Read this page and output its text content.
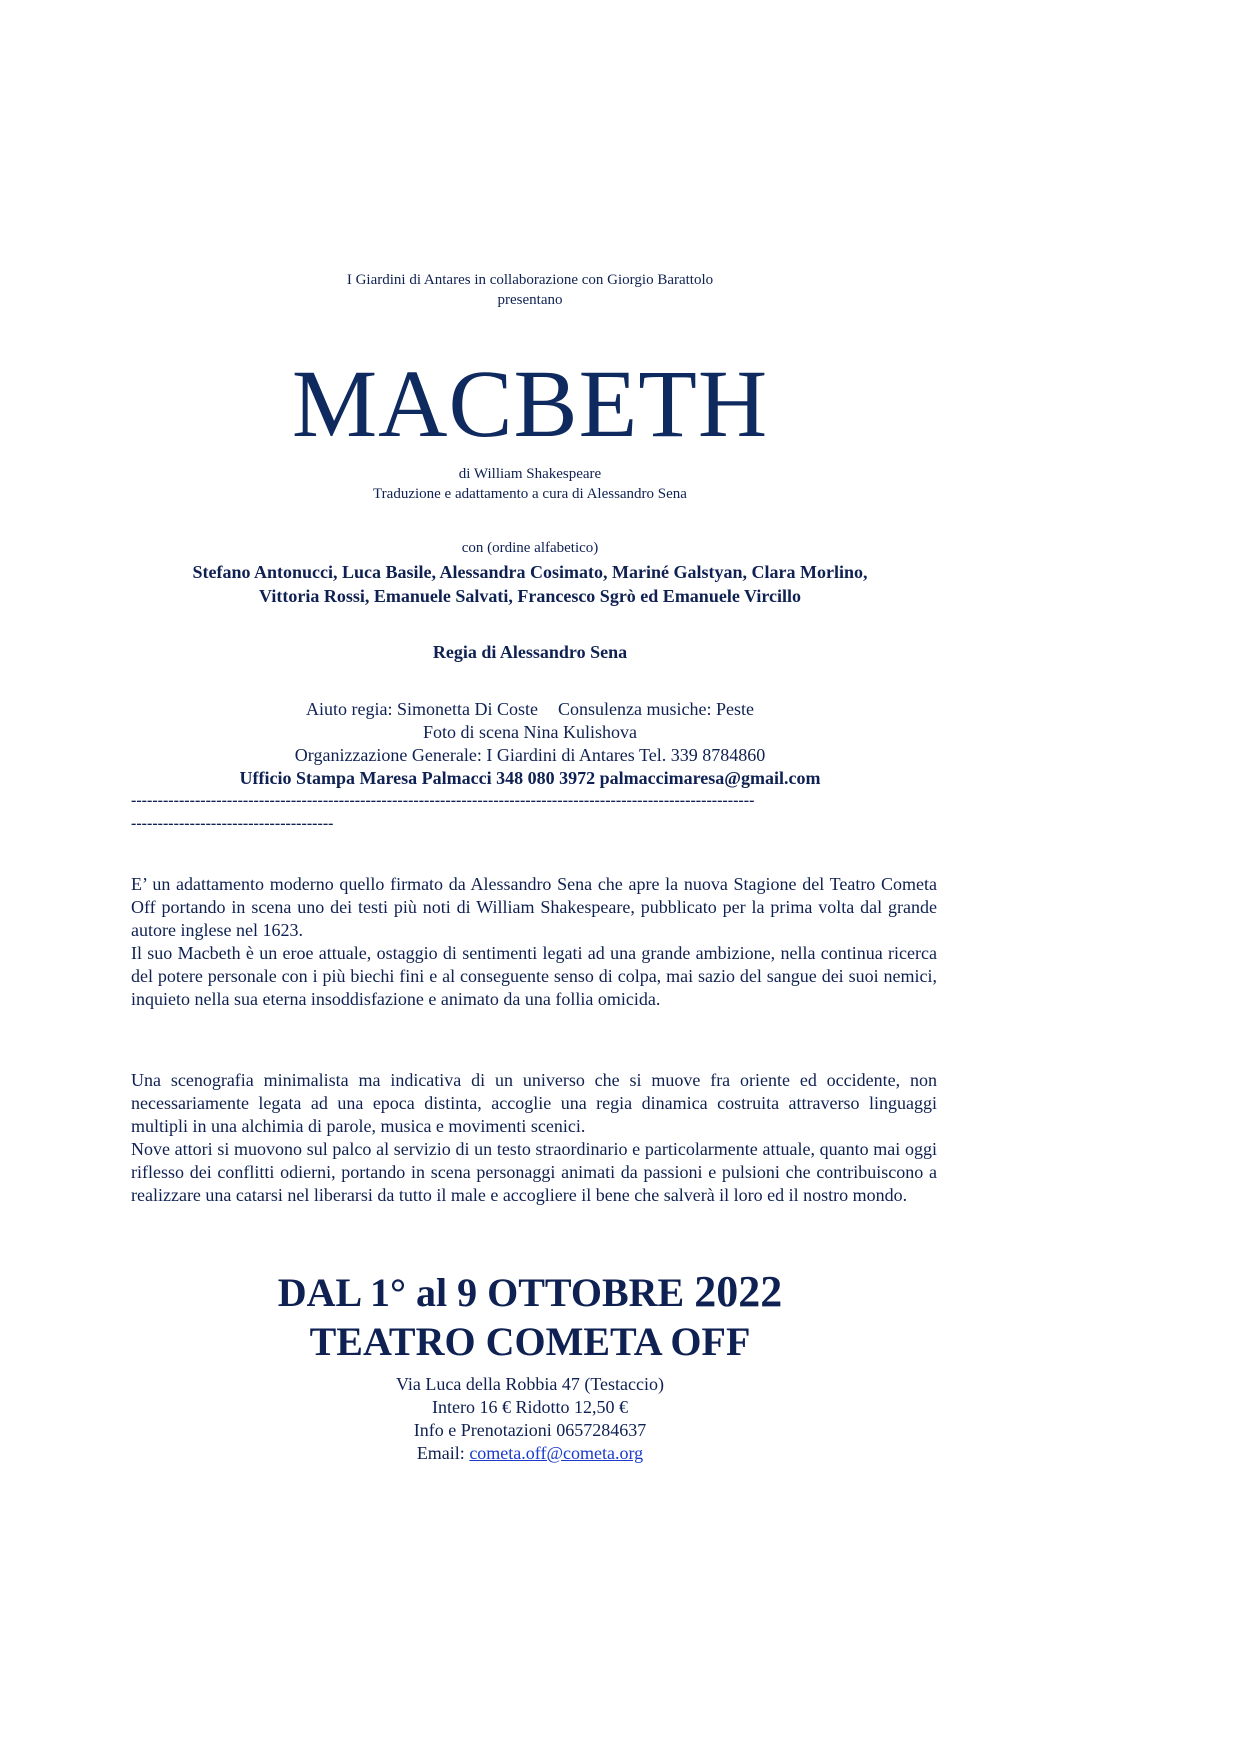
I Giardini di Antares in collaborazione con Giorgio Barattolo
presentano
MACBETH
di William Shakespeare
Traduzione e adattamento a cura di Alessandro Sena
con (ordine alfabetico)
Stefano Antonucci, Luca Basile, Alessandra Cosimato, Mariné Galstyan, Clara Morlino,
Vittoria Rossi, Emanuele Salvati, Francesco Sgrò ed Emanuele Vircillo
Regia di Alessandro Sena
Aiuto regia: Simonetta Di Coste Consulenza musiche: Peste
Foto di scena Nina Kulishova
Organizzazione Generale: I Giardini di Antares Tel. 339 8784860
Ufficio Stampa Maresa Palmacci 348 080 3972 palmaccimaresa@gmail.com
---------------------------------------------------------------------------------------------------------------------
--------------------------------------

E’ un adattamento moderno quello firmato da Alessandro Sena che apre la nuova Stagione del Teatro Cometa Off portando in scena uno dei testi più noti di William Shakespeare, pubblicato per la prima volta dal grande autore inglese nel 1623.

Il suo Macbeth è un eroe attuale, ostaggio di sentimenti legati ad una grande ambizione, nella continua ricerca del potere personale con i più biechi fini e al conseguente senso di colpa, mai sazio del sangue dei suoi nemici, inquieto nella sua eterna insoddisfazione e animato da una follia omicida.

Una scenografia minimalista ma indicativa di un universo che si muove fra oriente ed occidente, non necessariamente legata ad una epoca distinta, accoglie una regia dinamica costruita attraverso linguaggi multipli in una alchimia di parole, musica e movimenti scenici.

Nove attori si muovono sul palco al servizio di un testo straordinario e particolarmente attuale, quanto mai oggi riflesso dei conflitti odierni, portando in scena personaggi animati da passioni e pulsioni che contribuiscono a realizzare una catarsi nel liberarsi da tutto il male e accogliere il bene che salverà il loro ed il nostro mondo.

DAL 1° al 9 OTTOBRE 2022
TEATRO COMETA OFF
Via Luca della Robbia 47 (Testaccio)
Intero 16 € Ridotto 12,50 €
Info e Prenotazioni 0657284637
Email: cometa.off@cometa.org
